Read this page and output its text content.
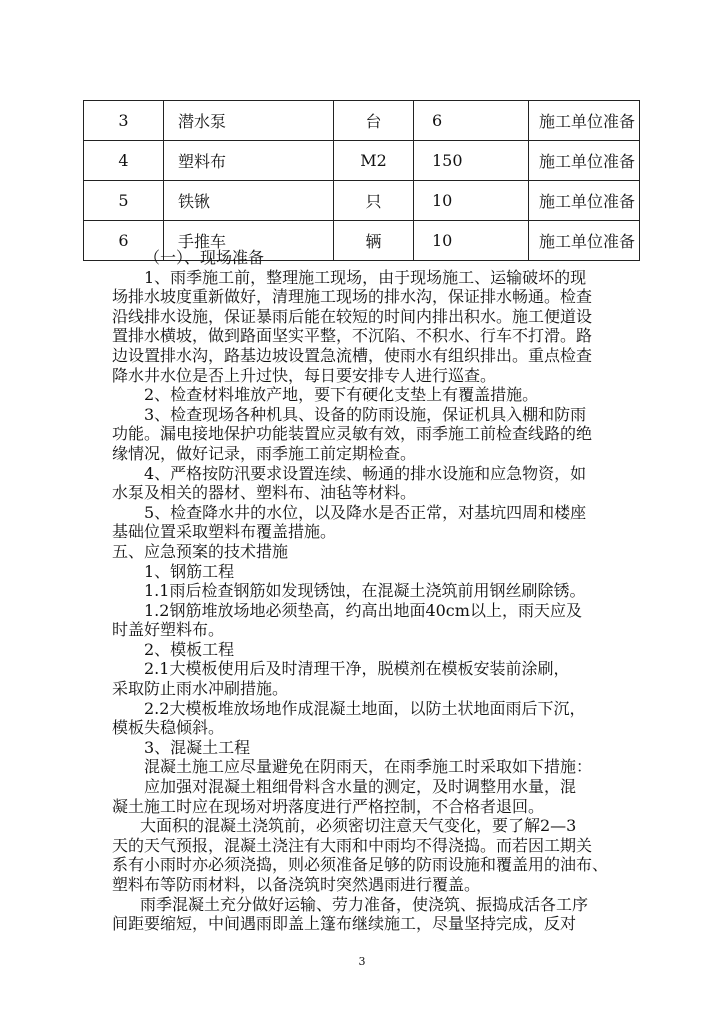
3	潜水泵	台	6	施工单位准备
4	塑料布	M2	150	施工单位准备
5	铁锹	只	10	施工单位准备
6	手推车	辆	10	施工单位准备
（一）、现场准备
1、雨季施工前，整理施工现场，由于现场施工、运输破坏的现
场排水坡度重新做好，清理施工现场的排水沟，保证排水畅通。检查
沿线排水设施，保证暴雨后能在较短的时间内排出积水。施工便道设
置排水横坡，做到路面坚实平整，不沉陷、不积水、行车不打滑。路
边设置排水沟，路基边坡设置急流槽，使雨水有组织排出。重点检查
降水井水位是否上升过快，每日要安排专人进行巡查。
2、检查材料堆放产地，要下有硬化支垫上有覆盖措施。
3、检查现场各种机具、设备的防雨设施，保证机具入棚和防雨
功能。漏电接地保护功能装置应灵敏有效，雨季施工前检查线路的绝
缘情况，做好记录，雨季施工前定期检查。
4、严格按防汛要求设置连续、畅通的排水设施和应急物资，如
水泵及相关的器材、塑料布、油毡等材料。
5、检查降水井的水位，以及降水是否正常，对基坑四周和楼座
基础位置采取塑料布覆盖措施。
五、应急预案的技术措施
1、钢筋工程
1.1雨后检查钢筋如发现锈蚀，在混凝土浇筑前用钢丝刷除锈。
1.2钢筋堆放场地必须垫高，约高出地面40cm以上，雨天应及
时盖好塑料布。
2、模板工程
2.1大模板使用后及时清理干净，脱模剂在模板安装前涂刷，
采取防止雨水冲刷措施。
2.2大模板堆放场地作成混凝土地面，以防土状地面雨后下沉，
模板失稳倾斜。
3、混凝土工程
混凝土施工应尽量避免在阴雨天，在雨季施工时采取如下措施：
应加强对混凝土粗细骨料含水量的测定，及时调整用水量，混
凝土施工时应在现场对坍落度进行严格控制，不合格者退回。
大面积的混凝土浇筑前，必须密切注意天气变化，要了解2—3
天的天气预报，混凝土浇注有大雨和中雨均不得浇捣。而若因工期关
系有小雨时亦必须浇捣，则必须准备足够的防雨设施和覆盖用的油布、
塑料布等防雨材料，以备浇筑时突然遇雨进行覆盖。
雨季混凝土充分做好运输、劳力准备，使浇筑、振捣成活各工序
间距要缩短，中间遇雨即盖上篷布继续施工，尽量坚持完成，反对
3
